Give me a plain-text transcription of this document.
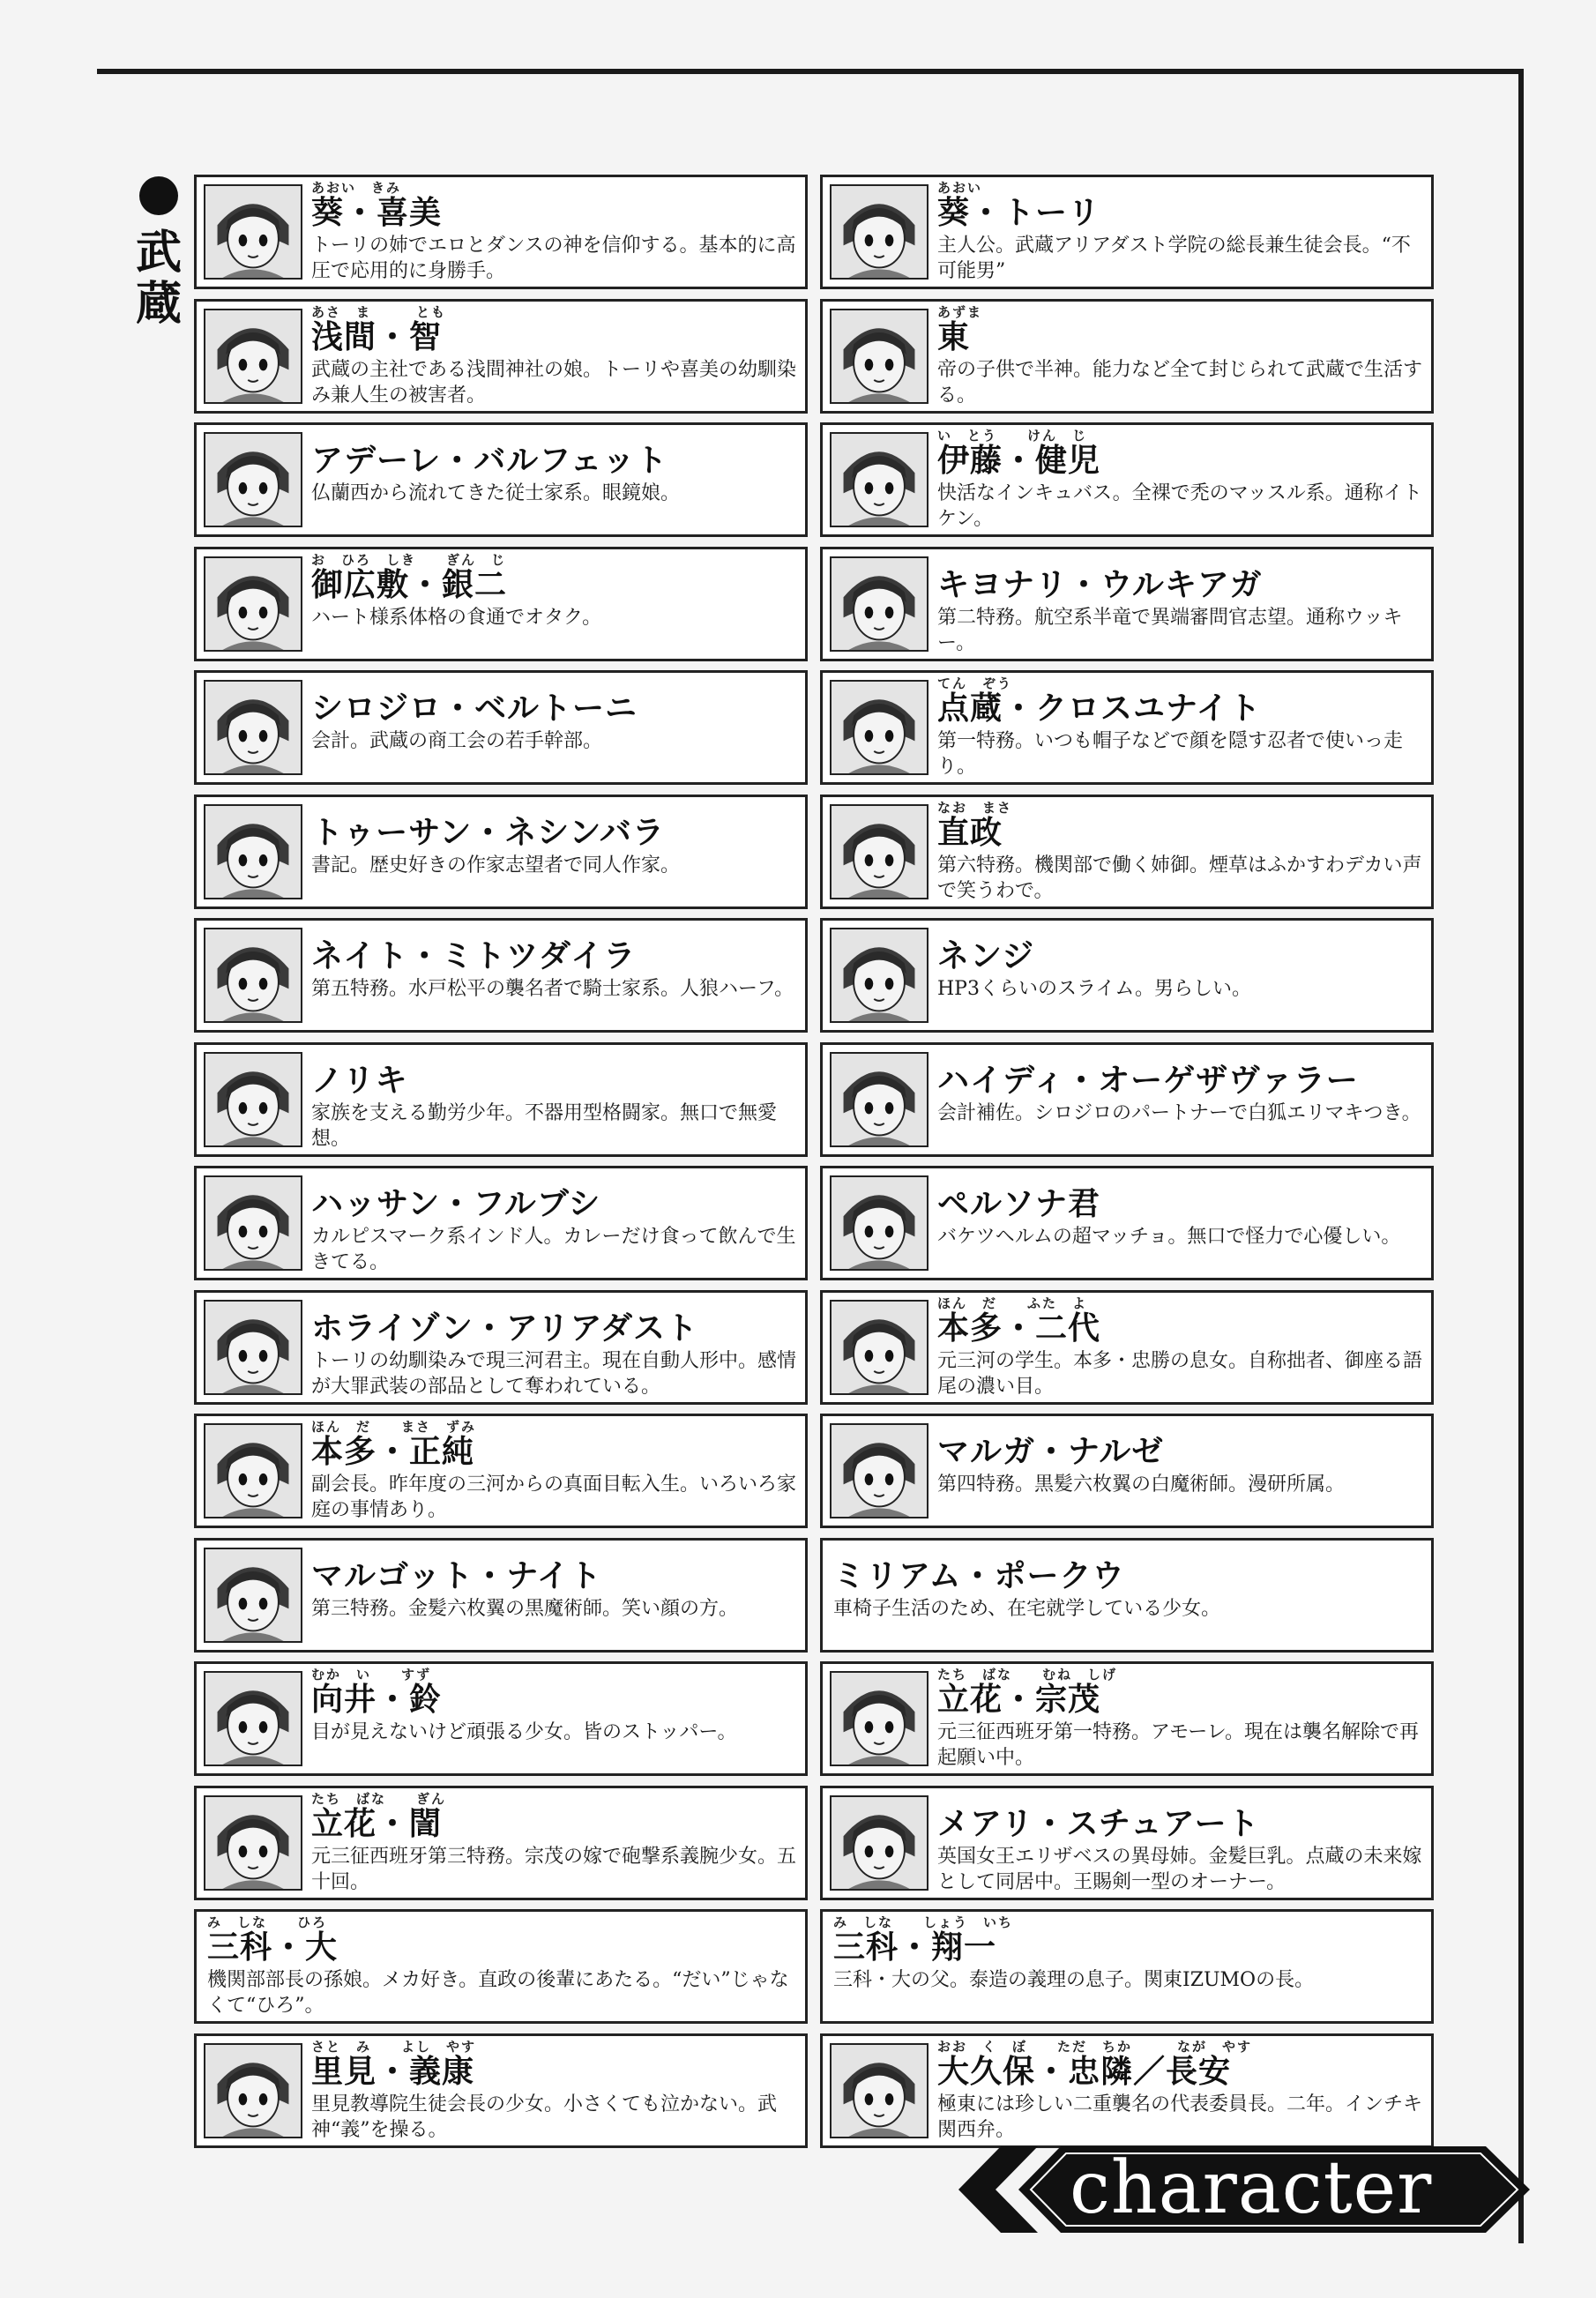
武
蔵
あおい　きみ
葵・喜美
トーリの姉でエロとダンスの神を信仰する。基本的に高圧で応用的に身勝手。
あおい
葵・トーリ
主人公。武蔵アリアダスト学院の総長兼生徒会長。“不可能男”
あさ　ま　　　とも
浅間・智
武蔵の主社である浅間神社の娘。トーリや喜美の幼馴染み兼人生の被害者。
あずま
東
帝の子供で半神。能力など全て封じられて武蔵で生活する。
アデーレ・バルフェット
仏蘭西から流れてきた従士家系。眼鏡娘。
い　とう　　けん　じ
伊藤・健児
快活なインキュバス。全裸で禿のマッスル系。通称イトケン。
お　ひろ　しき　　ぎん　じ
御広敷・銀二
ハート様系体格の食通でオタク。
キヨナリ・ウルキアガ
第二特務。航空系半竜で異端審問官志望。通称ウッキー。
シロジロ・ベルトーニ
会計。武蔵の商工会の若手幹部。
てん　ぞう
点蔵・クロスユナイト
第一特務。いつも帽子などで顔を隠す忍者で使いっ走り。
トゥーサン・ネシンバラ
書記。歴史好きの作家志望者で同人作家。
なお　まさ
直政
第六特務。機関部で働く姉御。煙草はふかすわデカい声で笑うわで。
ネイト・ミトツダイラ
第五特務。水戸松平の襲名者で騎士家系。人狼ハーフ。
ネンジ
HP3くらいのスライム。男らしい。
ノリキ
家族を支える勤労少年。不器用型格闘家。無口で無愛想。
ハイディ・オーゲザヴァラー
会計補佐。シロジロのパートナーで白狐エリマキつき。
ハッサン・フルブシ
カルピスマーク系インド人。カレーだけ食って飲んで生きてる。
ペルソナ君
バケツヘルムの超マッチョ。無口で怪力で心優しい。
ホライゾン・アリアダスト
トーリの幼馴染みで現三河君主。現在自動人形中。感情が大罪武装の部品として奪われている。
ほん　だ　　ふた　よ
本多・二代
元三河の学生。本多・忠勝の息女。自称拙者、御座る語尾の濃い目。
ほん　だ　　まさ　ずみ
本多・正純
副会長。昨年度の三河からの真面目転入生。いろいろ家庭の事情あり。
マルガ・ナルゼ
第四特務。黒髪六枚翼の白魔術師。漫研所属。
マルゴット・ナイト
第三特務。金髪六枚翼の黒魔術師。笑い顔の方。
ミリアム・ポークウ
車椅子生活のため、在宅就学している少女。
むか　い　　すず
向井・鈴
目が見えないけど頑張る少女。皆のストッパー。
たち　ばな　　むね　しげ
立花・宗茂
元三征西班牙第一特務。アモーレ。現在は襲名解除で再起願い中。
たち　ばな　　ぎん
立花・誾
元三征西班牙第三特務。宗茂の嫁で砲撃系義腕少女。五十回。
メアリ・スチュアート
英国女王エリザベスの異母姉。金髪巨乳。点蔵の未来嫁として同居中。王賜剣一型のオーナー。
み　しな　　ひろ
三科・大
機関部部長の孫娘。メカ好き。直政の後輩にあたる。“だい”じゃなくて“ひろ”。
み　しな　　しょう　いち
三科・翔一
三科・大の父。泰造の義理の息子。関東IZUMOの長。
さと　み　　よし　やす
里見・義康
里見教導院生徒会長の少女。小さくても泣かない。武神“義”を操る。
おお　く　ぼ　　ただ　ちか　　　なが　やす
大久保・忠隣／長安
極東には珍しい二重襲名の代表委員長。二年。インチキ関西弁。
character
